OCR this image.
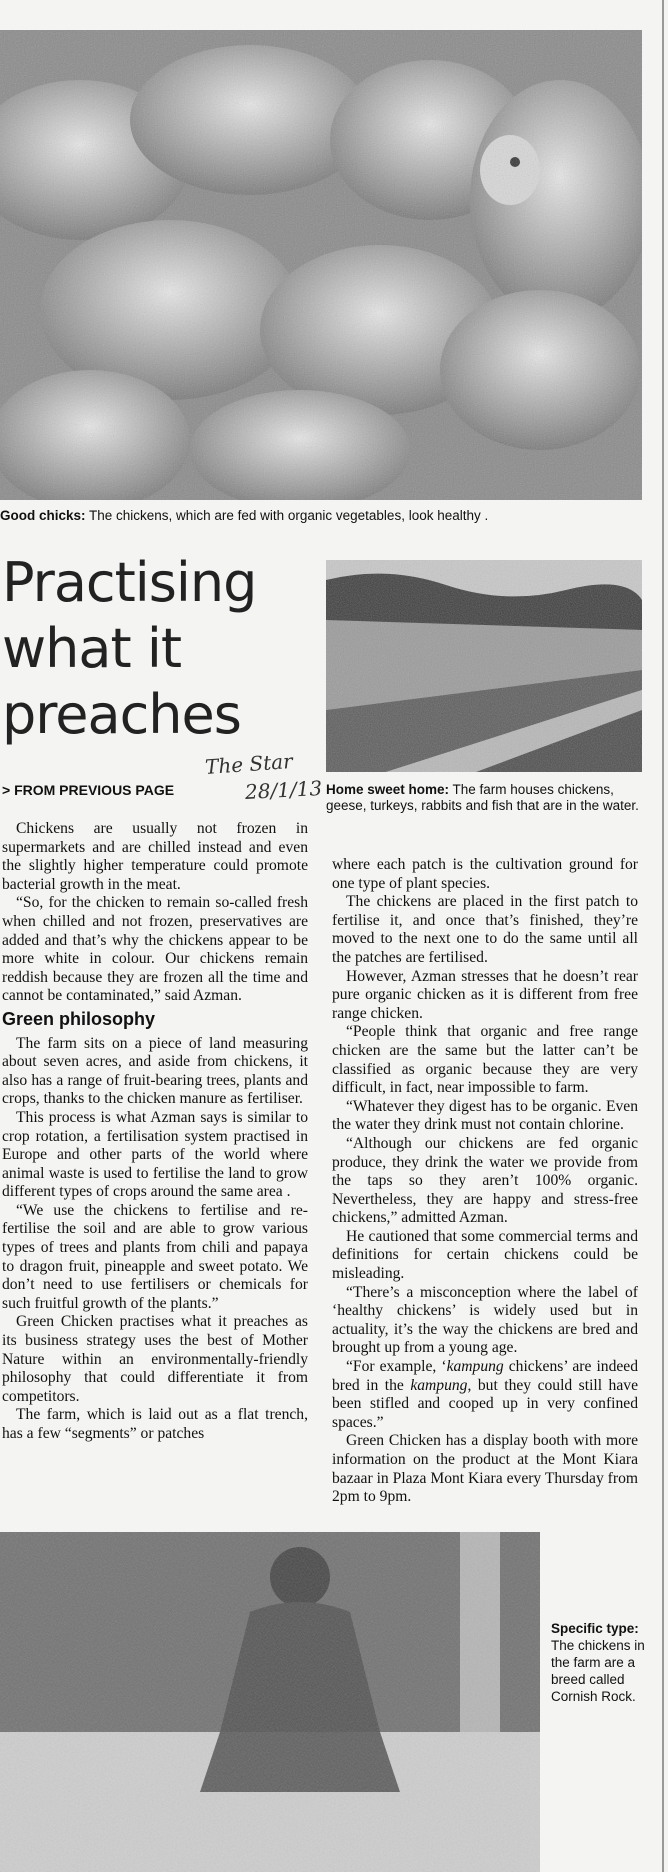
Good chicks: The chickens, which are fed with organic vegetables, look healthy .
Practising
what it
preaches
The Star
28/1/13
> FROM PREVIOUS PAGE	Home sweet home: The farm houses chickens, geese, turkeys, rabbits and fish that are in the water.

Chickens are usually not frozen in supermarkets and are chilled instead and even the slightly higher temperature could promote bacterial growth in the meat.

“So, for the chicken to remain so-called fresh when chilled and not frozen, preservatives are added and that’s why the chickens appear to be more white in colour. Our chickens remain reddish because they are frozen all the time and cannot be contaminated,” said Azman.

Green philosophy

The farm sits on a piece of land measuring about seven acres, and aside from chickens, it also has a range of fruit-bearing trees, plants and crops, thanks to the chicken manure as fertiliser.

This process is what Azman says is similar to crop rotation, a fertilisation system practised in Europe and other parts of the world where animal waste is used to fertilise the land to grow different types of crops around the same area .

“We use the chickens to fertilise and re-fertilise the soil and are able to grow various types of trees and plants from chili and papaya to dragon fruit, pineapple and sweet potato. We don’t need to use fertilisers or chemicals for such fruitful growth of the plants.”

Green Chicken practises what it preaches as its business strategy uses the best of Mother Nature within an environmentally-friendly philosophy that could differentiate it from competitors.

The farm, which is laid out as a flat trench, has a few “segments” or patches

where each patch is the cultivation ground for one type of plant species.

The chickens are placed in the first patch to fertilise it, and once that’s finished, they’re moved to the next one to do the same until all the patches are fertilised.

However, Azman stresses that he doesn’t rear pure organic chicken as it is different from free range chicken.

“People think that organic and free range chicken are the same but the latter can’t be classified as organic because they are very difficult, in fact, near impossible to farm.

“Whatever they digest has to be organic. Even the water they drink must not contain chlorine.

“Although our chickens are fed organic produce, they drink the water we provide from the taps so they aren’t 100% organic. Nevertheless, they are happy and stress-free chickens,” admitted Azman.

He cautioned that some commercial terms and definitions for certain chickens could be misleading.

“There’s a misconception where the label of ‘healthy chickens’ is widely used but in actuality, it’s the way the chickens are bred and brought up from a young age.

“For example, ‘kampung chickens’ are indeed bred in the kampung, but they could still have been stifled and cooped up in very confined spaces.”

Green Chicken has a display booth with more information on the product at the Mont Kiara bazaar in Plaza Mont Kiara every Thursday from 2pm to 9pm.

Specific type:
The chickens in the farm are a breed called Cornish Rock.
